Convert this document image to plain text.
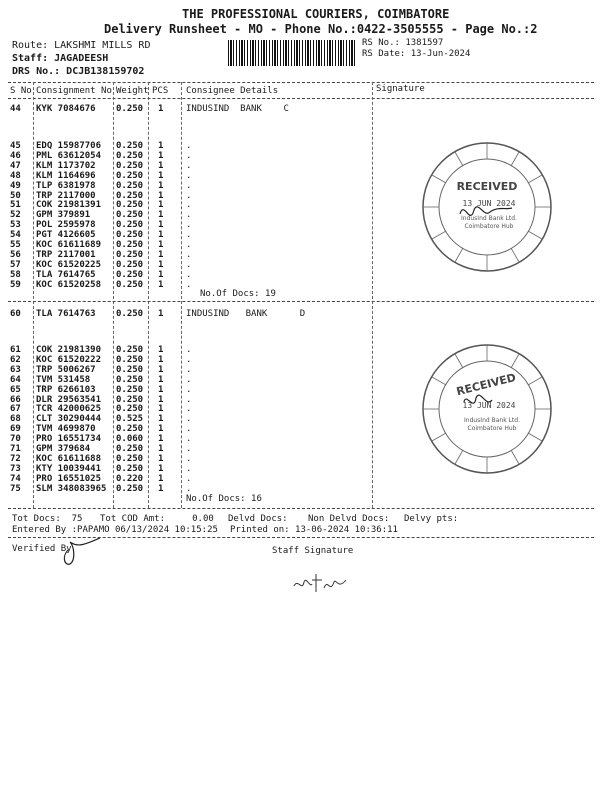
THE PROFESSIONAL COURIERS, COIMBATORE
Delivery Runsheet - MO - Phone No.:0422-3505555 - Page No.:2
Route: LAKSHMI MILLS RD
Staff: JAGADEESH
DRS No.: DCJB138159702
RS No.: 1381597
RS Date: 13-Jun-2024
S No Consignment No Weight PCS Consignee Details	Signature
44 KYK 7084676 0.250 1	INDUSIND  BANK    C
45 EDQ 15987706 0.250 1	.
46 PML 63612054 0.250 1	.
47 KLM 1173702 0.250 1	.
48 KLM 1164696 0.250 1	.
49 TLP 6381978 0.250 1	.
50 TRP 2117000 0.250 1	.
51 COK 21981391 0.250 1	.
52 GPM 379891	0.250 1	.
53 POL 2595978 0.250 1	.
54 PGT 4126605 0.250 1	.
55 KOC 61611689 0.250 1	.
56 TRP 2117001 0.250 1	.
57 KOC 61520225 0.250 1	.
58 TLA 7614765 0.250 1	.
59 KOC 61520258 0.250 1	.
No.Of Docs: 19
60 TLA 7614763 0.250 1	INDUSIND   BANK      D
61 COK 21981390 0.250 1	.
62 KOC 61520222 0.250 1	.
63 TRP 5006267 0.250 1	.
64 TVM 531458	0.250 1	.
65 TRP 6266103 0.250 1	.
66 DLR 29563541 0.250 1	.
67 TCR 42000625 0.250 1	.
68 CLT 30290444 0.525 1	.
69 TVM 4699870 0.250 1	.
70 PRO 16551734 0.060 1	.
71 GPM 379684	0.250 1	.
72 KOC 61611688 0.250 1	.
73 KTY 10039441 0.250 1	.
74 PRO 16551025 0.220 1	.
75 SLM 348083965 0.250 1	.
No.Of Docs: 16
Tot Docs:  75 Tot COD Amt:     0.00 Delvd Docs: Non Delvd Docs: Delvy pts:
Entered By :PAPAMO 06/13/2024 10:15:25 Printed on: 13-06-2024 10:36:11
Verified By	Staff Signature
RECEIVED
13 JUN 2024
IndusInd Bank Ltd.
Coimbatore Hub
RECEIVED
13 JUN 2024
IndusInd Bank Ltd.
Coimbatore Hub
